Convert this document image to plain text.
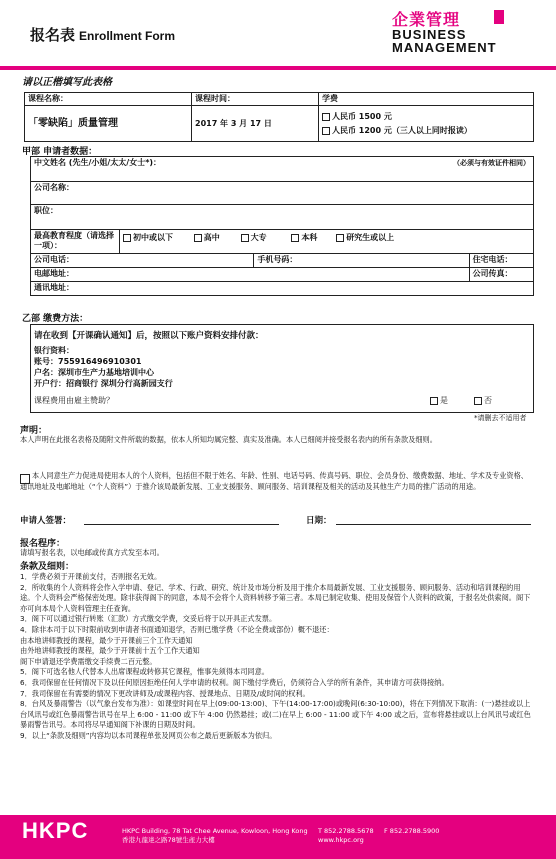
报名表 Enrollment Form
企業管理
BUSINESS
MANAGEMENT
请以正楷填写此表格
课程名称：	课程时间：	学费
「零缺陷」质量管理	2017 年 3 月 17 日	人民币 1500 元
人民币 1200 元（三人以上同时报读）
甲部 申请者数据：
中文姓名 (先生/小姐/太太/女士*)： （必须与有效证件相同）			

公司名称：			
职位：			
最高教育程度（请选择一项）：	初中或以下 高中 大专 本科 研究生或以上		
公司电话：		手机号码：	住宅电话：
电邮地址：			公司传真：
通讯地址：			
乙部 缴费方法：
请在收到【开课确认通知】后，按照以下账户资料安排付款：
银行资料：
账号：755916496910301
户名：深圳市生产力基地培训中心
开户行：招商银行 深圳分行高新园支行
课程费用由雇主赞助？	是	否
*请删去不适用者
声明：
本人声明在此报名表格及随附文件所载的数据，依本人所知均属完整、真实及准确。本人已细阅并接受报名表内的所有条款及细则。
本人同意生产力促进局使用本人的个人资料，包括但不限于姓名、年龄、性别、电话号码、传真号码、职位、会员身份、缴费数据、地址、学术及专业资格、通讯地址及电邮地址（“个人资料”）于推介该局最新发展、工业支援服务、顾问服务、培训课程及相关的活动及其他生产力局的推广活动的用途。
申请人签署：	日期：
报名程序：
请填写报名表，以电邮或传真方式发至本司。
条款及细则：
1．学费必须于开课前支付，否则报名无效。
2．所收集的个人资料将会作入学申请、登记、学术、行政、研究、统计及市场分析及用于推介本局最新发展、工业支援服务、顾问服务、活动和培训课程的用途。个人资料会严格保密处理。除非获得阁下的同意，本局不会将个人资料转移予第三者。本局已制定收集、使用及保管个人资料的政策，于报名处供索阅。阁下亦可向本局个人资料管理主任查询。
3．阁下可以通过银行转账（汇款）方式缴交学费，交妥后将于以开具正式发票。
4．除非本司于以下时限前收到申请者书面通知退学，否则已缴学费（不论全费或部份）概不退还：
由本地讲师教授的课程，最少于开课前三个工作天通知
由外地讲师教授的课程，最少于开课前十五个工作天通知
阁下申请退还学费需缴交手续费二百元整。
5．阁下可选名他人代替本人出席课程或转修其它课程，惟事先须得本司同意。
6．我司保留在任何情况下及以任何原因拒绝任何人学申请的权利。阁下缴付学费后，仍须符合入学的所有条件，其申请方可获得接纳。
7．我司保留在有需要的情况下更改讲师及/或课程内容、授课地点、日期及/或时间的权利。
8．台风及暴雨警告（以气象台发布为准）：如课堂时间在早上(09:00-13:00)、下午(14:00-17:00)或晚间(6:30-10:00)，将在下列情况下取消：(一)悬挂或以上台风讯号或红色暴雨警告讯号在早上 6:00 - 11:00 或下午 4:00 仍然悬挂；或(二)在早上 6:00 - 11:00 或下午 4:00 或之后，宣布将悬挂或以上台风讯号或红色暴雨警告讯号。本司将尽早通知阁下补课的日期及时间。
9．以上“条款及细则”内容均以本司课程单张及网页公布之最后更新版本为依归。
HKPC	HKPC Building, 78 Tat Chee Avenue, Kowloon, Hong Kong
香港九龍達之路78號生產力大樓
T 852.2788.5678 F 852.2788.5900
www.hkpc.org
